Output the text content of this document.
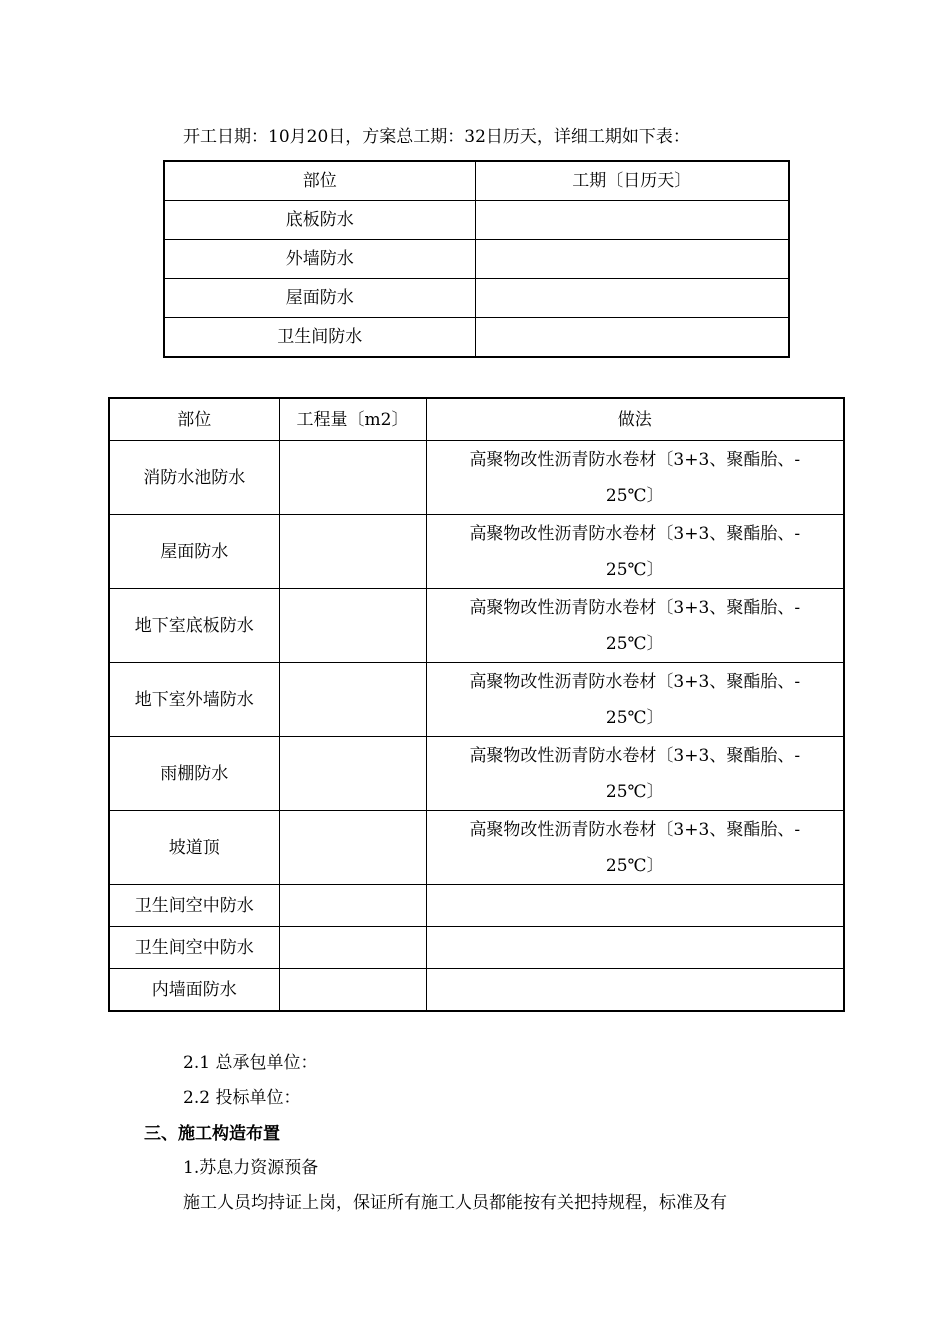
开工日期：10月20日，方案总工期：32日历天，详细工期如下表：
部位	工期〔日历天〕
底板防水	
外墙防水	
屋面防水	
卫生间防水	
部位	工程量〔m2〕	做法
消防水池防水		高聚物改性沥青防水卷材〔3+3、聚酯胎、-
25℃〕
屋面防水		高聚物改性沥青防水卷材〔3+3、聚酯胎、-
25℃〕
地下室底板防水		高聚物改性沥青防水卷材〔3+3、聚酯胎、-
25℃〕
地下室外墙防水		高聚物改性沥青防水卷材〔3+3、聚酯胎、-
25℃〕
雨棚防水		高聚物改性沥青防水卷材〔3+3、聚酯胎、-
25℃〕
坡道顶		高聚物改性沥青防水卷材〔3+3、聚酯胎、-
25℃〕
卫生间空中防水		
卫生间空中防水		
内墙面防水		
2.1 总承包单位：
2.2 投标单位：
三、施工构造布置
1.苏息力资源预备
施工人员均持证上岗，保证所有施工人员都能按有关把持规程，标准及有
